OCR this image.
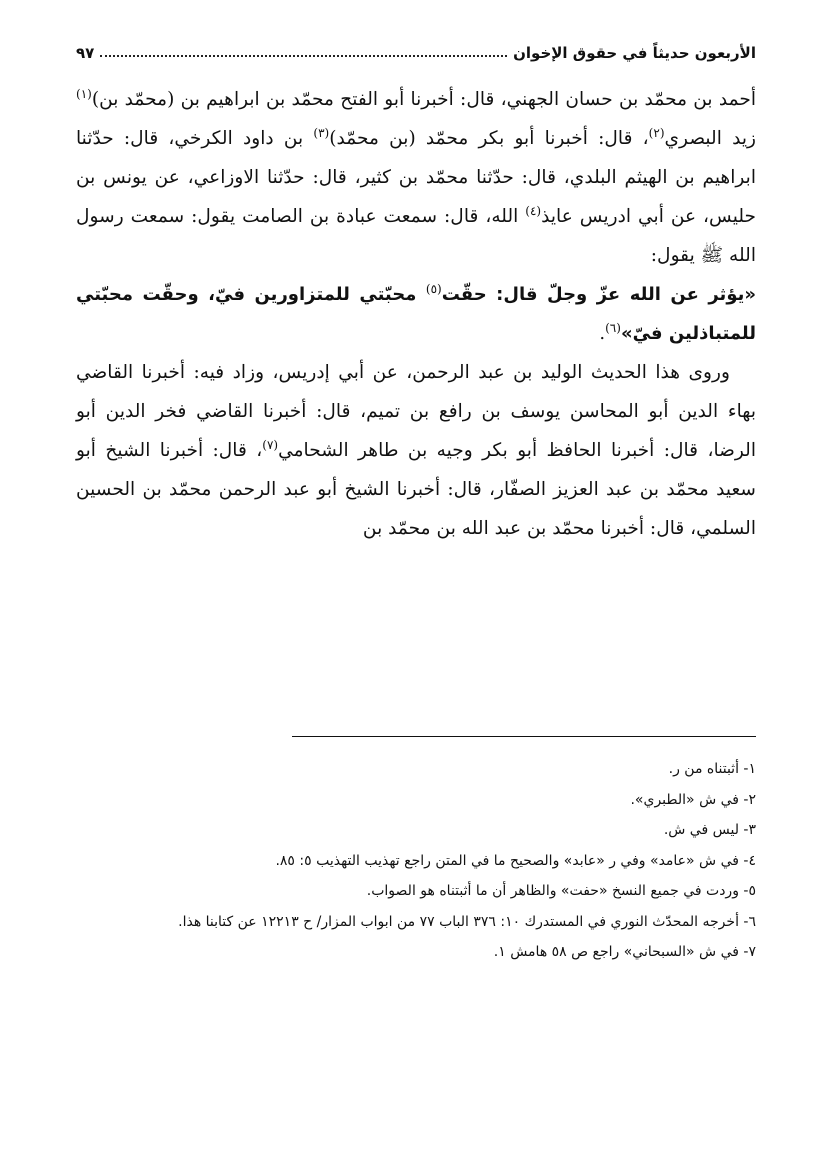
الأربعون حديثاً في حقوق الإخوان
٩٧

أحمد بن محمّد بن حسان الجهني، قال: أخبرنا أبو الفتح محمّد بن ابراهيم بن (محمّد بن)$^{(١)}$ زيد البصري$^{(٢)}$، قال: أخبرنا أبو بكر محمّد (بن محمّد)$^{(٣)}$ بن داود الكرخي، قال: حدّثنا ابراهيم بن الهيثم البلدي، قال: حدّثنا محمّد بن كثير، قال: حدّثنا الاوزاعي، عن يونس بن حليس، عن أبي ادريس عايذ$^{(٤)}$ الله، قال: سمعت عبادة بن الصامت يقول: سمعت رسول الله ﷺ يقول:

«يؤثر عن الله عزّ وجلّ قال: حقّت$^{(٥)}$ محبّتي للمتزاورين فيّ، وحقّت محبّتي للمتباذلين فيّ»$^{(٦)}$.

وروى هذا الحديث الوليد بن عبد الرحمن، عن أبي إدريس، وزاد فيه: أخبرنا القاضي بهاء الدين أبو المحاسن يوسف بن رافع بن تميم، قال: أخبرنا القاضي فخر الدين أبو الرضا، قال: أخبرنا الحافظ أبو بكر وجيه بن طاهر الشحامي$^{(٧)}$، قال: أخبرنا الشيخ أبو سعيد محمّد بن عبد العزيز الصفّار، قال: أخبرنا الشيخ أبو عبد الرحمن محمّد بن الحسين السلمي، قال: أخبرنا محمّد بن عبد الله بن محمّد بن

١- أثبتناه من ر.

٢- في ش «الطبري».

٣- ليس في ش.

٤- في ش «عامد» وفي ر «عابد» والصحيح ما في المتن راجع تهذيب التهذيب ٥: ٨٥.

٥- وردت في جميع النسخ «حفت» والظاهر أن ما أثبتناه هو الصواب.

٦- أخرجه المحدّث النوري في المستدرك ١٠: ٣٧٦ الباب ٧٧ من ابواب المزار/ ح ١٢٢١٣ عن كتابنا هذا.

٧- في ش «السبحاني» راجع ص ٥٨ هامش ١.
